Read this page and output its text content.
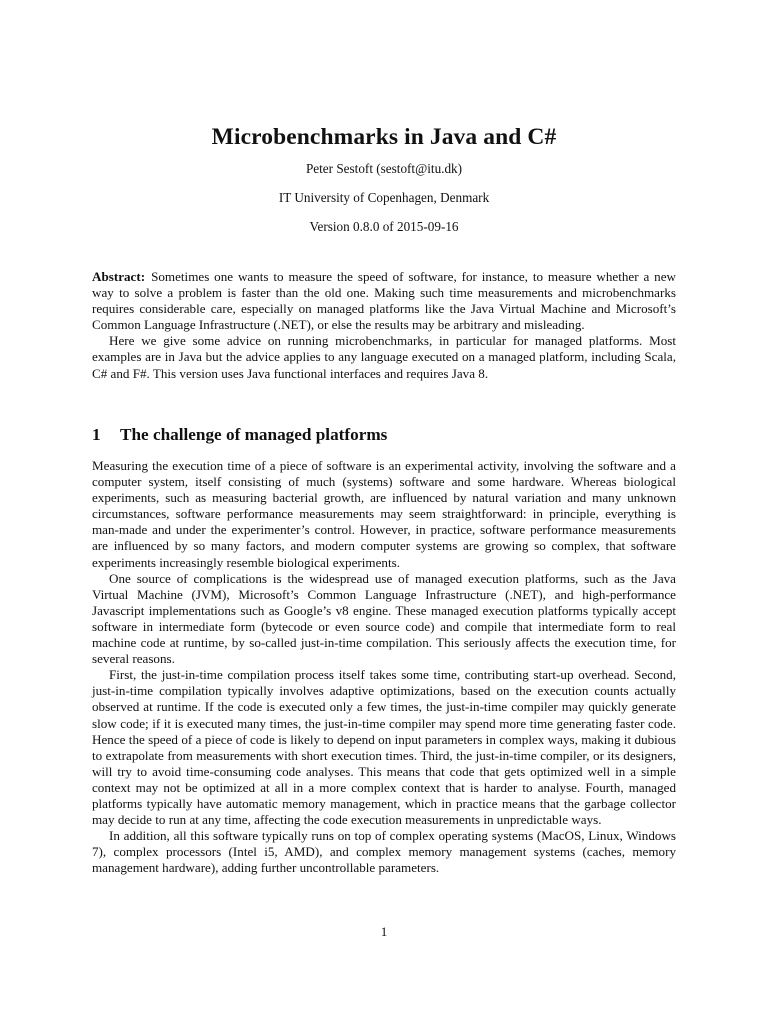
Microbenchmarks in Java and C#
Peter Sestoft (sestoft@itu.dk)
IT University of Copenhagen, Denmark
Version 0.8.0 of 2015-09-16

Abstract: Sometimes one wants to measure the speed of software, for instance, to measure whether a new way to solve a problem is faster than the old one. Making such time measurements and microbenchmarks requires considerable care, especially on managed platforms like the Java Virtual Machine and Microsoft’s Common Language Infrastructure (.NET), or else the results may be arbitrary and misleading.

Here we give some advice on running microbenchmarks, in particular for managed platforms. Most examples are in Java but the advice applies to any language executed on a managed platform, including Scala, C# and F#. This version uses Java functional interfaces and requires Java 8.

1 The challenge of managed platforms

Measuring the execution time of a piece of software is an experimental activity, involving the software and a computer system, itself consisting of much (systems) software and some hardware. Whereas biological experiments, such as measuring bacterial growth, are influenced by natural variation and many unknown circumstances, software performance measurements may seem straightforward: in principle, everything is man-made and under the experimenter’s control. However, in practice, software performance measurements are influenced by so many factors, and modern computer systems are growing so complex, that software experiments increasingly resemble biological experiments.

One source of complications is the widespread use of managed execution platforms, such as the Java Virtual Machine (JVM), Microsoft’s Common Language Infrastructure (.NET), and high-performance Javascript implementations such as Google’s v8 engine. These managed execution platforms typically accept software in intermediate form (bytecode or even source code) and compile that intermediate form to real machine code at runtime, by so-called just-in-time compilation. This seriously affects the execution time, for several reasons.

First, the just-in-time compilation process itself takes some time, contributing start-up overhead. Second, just-in-time compilation typically involves adaptive optimizations, based on the execution counts actually observed at runtime. If the code is executed only a few times, the just-in-time compiler may quickly generate slow code; if it is executed many times, the just-in-time compiler may spend more time generating faster code. Hence the speed of a piece of code is likely to depend on input parameters in complex ways, making it dubious to extrapolate from measurements with short execution times. Third, the just-in-time compiler, or its designers, will try to avoid time-consuming code analyses. This means that code that gets optimized well in a simple context may not be optimized at all in a more complex context that is harder to analyse. Fourth, managed platforms typically have automatic memory management, which in practice means that the garbage collector may decide to run at any time, affecting the code execution measurements in unpredictable ways.

In addition, all this software typically runs on top of complex operating systems (MacOS, Linux, Windows 7), complex processors (Intel i5, AMD), and complex memory management systems (caches, memory management hardware), adding further uncontrollable parameters.

1
